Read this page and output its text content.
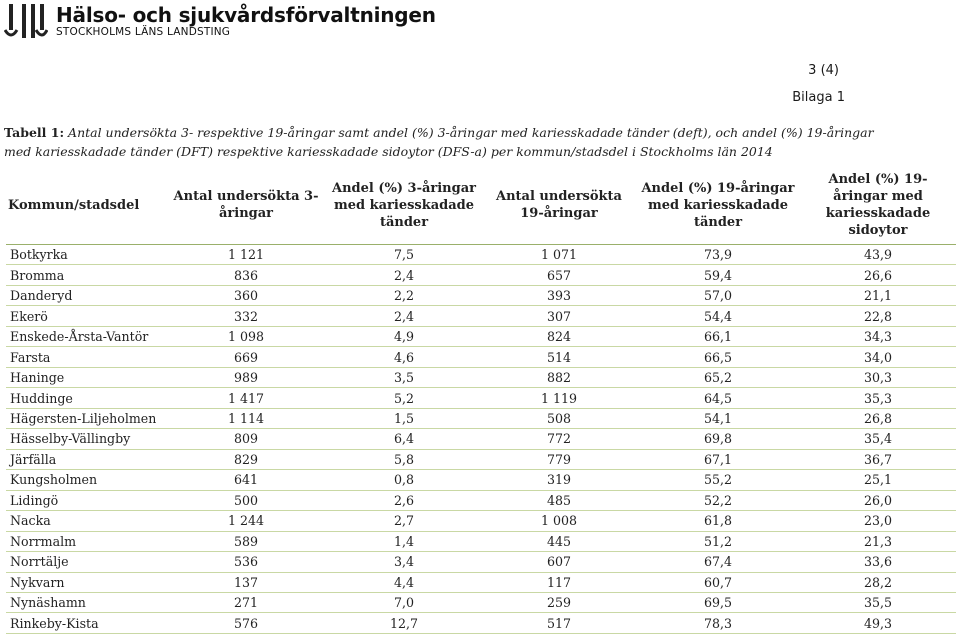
Hälso- och sjukvårdsförvaltningen
STOCKHOLMS LÄNS LANDSTING
3 (4)
Bilaga 1
Tabell 1: Antal undersökta 3- respektive 19-åringar samt andel (%) 3-åringar med kariesskadade tänder (deft), och andel (%) 19-åringar med kariesskadade tänder (DFT) respektive kariesskadade sidoytor (DFS-a) per kommun/stadsdel i Stockholms län 2014
Kommun/stadsdel	Antal undersökta 3-åringar	Andel (%) 3-åringar med kariesskadade tänder	Antal undersökta 19-åringar	Andel (%) 19-åringar med kariesskadade tänder	Andel (%) 19-åringar med kariesskadade sidoytor
Botkyrka	1 121	7,5	1 071	73,9	43,9
Bromma	836	2,4	657	59,4	26,6
Danderyd	360	2,2	393	57,0	21,1
Ekerö	332	2,4	307	54,4	22,8
Enskede-Årsta-Vantör	1 098	4,9	824	66,1	34,3
Farsta	669	4,6	514	66,5	34,0
Haninge	989	3,5	882	65,2	30,3
Huddinge	1 417	5,2	1 119	64,5	35,3
Hägersten-Liljeholmen	1 114	1,5	508	54,1	26,8
Hässelby-Vällingby	809	6,4	772	69,8	35,4
Järfälla	829	5,8	779	67,1	36,7
Kungsholmen	641	0,8	319	55,2	25,1
Lidingö	500	2,6	485	52,2	26,0
Nacka	1 244	2,7	1 008	61,8	23,0
Norrmalm	589	1,4	445	51,2	21,3
Norrtälje	536	3,4	607	67,4	33,6
Nykvarn	137	4,4	117	60,7	28,2
Nynäshamn	271	7,0	259	69,5	35,5
Rinkeby-Kista	576	12,7	517	78,3	49,3
